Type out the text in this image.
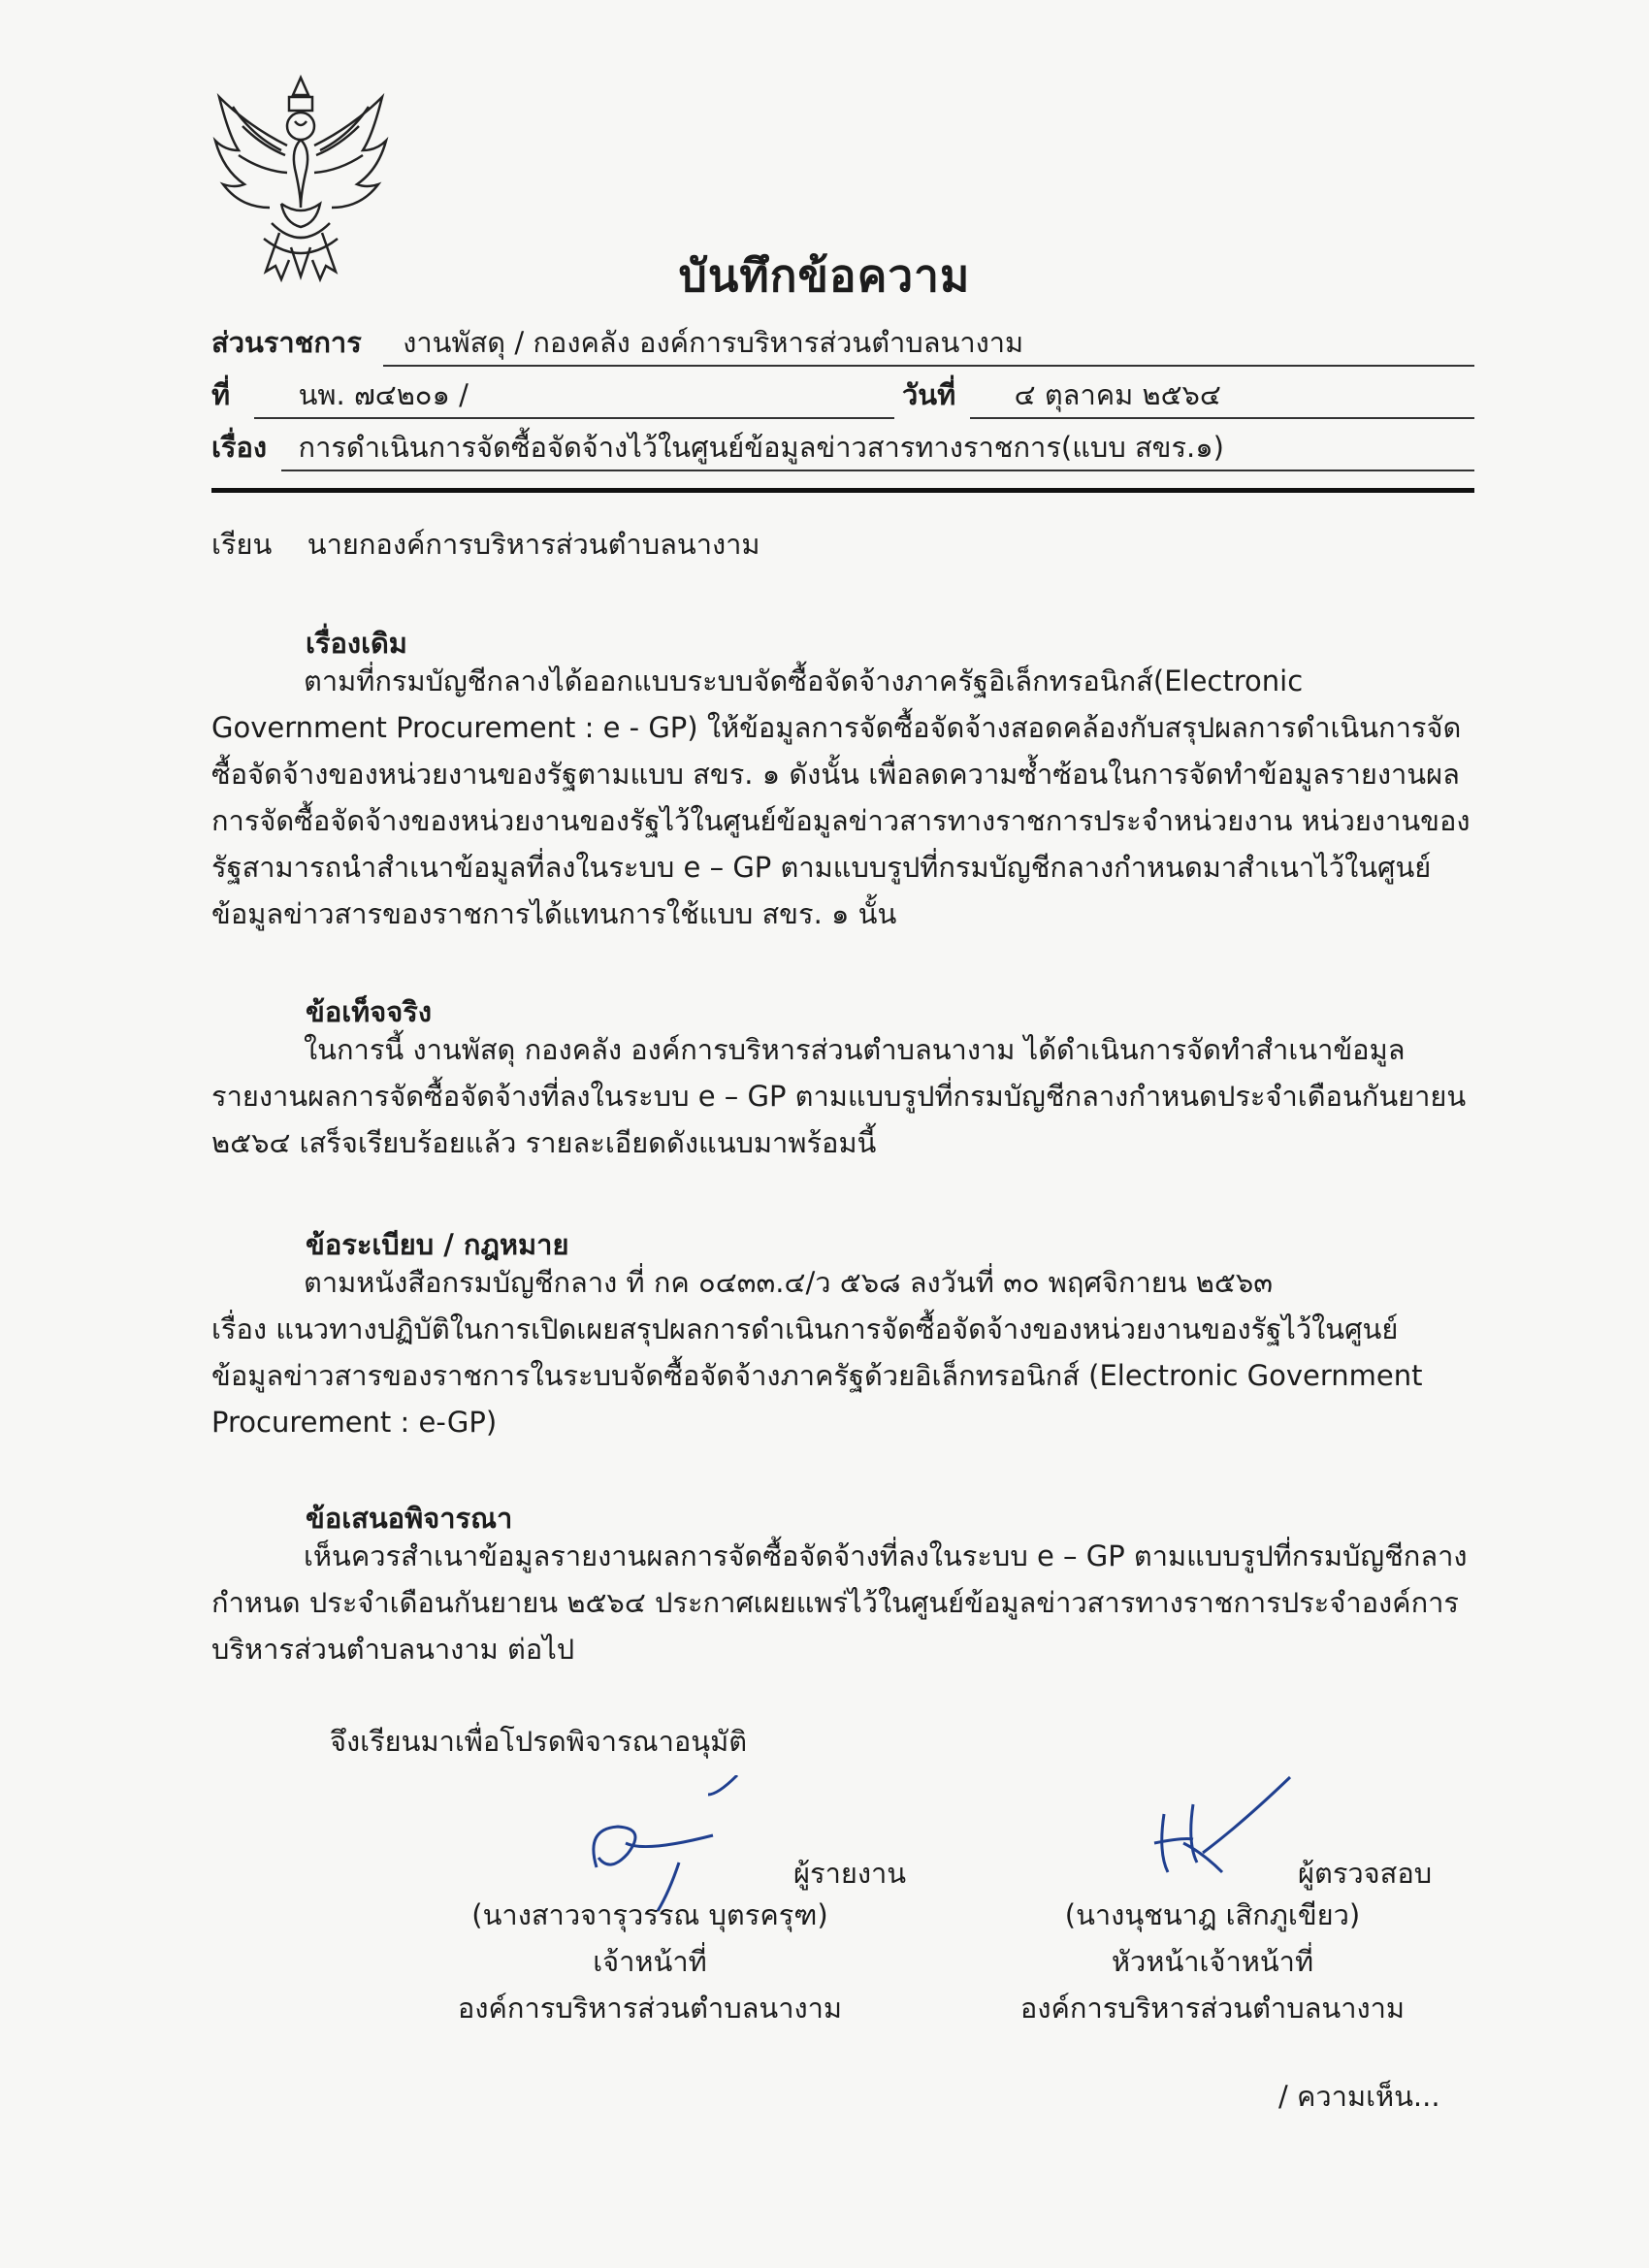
บันทึกข้อความ
ส่วนราชการ งานพัสดุ / กองคลัง องค์การบริหารส่วนตำบลนางาม
ที่ นพ. ๗๔๒๐๑ /	วันที่ ๔ ตุลาคม ๒๕๖๔
เรื่อง การดำเนินการจัดซื้อจัดจ้างไว้ในศูนย์ข้อมูลข่าวสารทางราชการ(แบบ สขร.๑)
เรียน นายกองค์การบริหารส่วนตำบลนางาม
เรื่องเดิม
ตามที่กรมบัญชีกลางได้ออกแบบระบบจัดซื้อจัดจ้างภาครัฐอิเล็กทรอนิกส์(Electronic Government Procurement : e - GP) ให้ข้อมูลการจัดซื้อจัดจ้างสอดคล้องกับสรุปผลการดำเนินการจัดซื้อจัดจ้างของหน่วยงานของรัฐตามแบบ สขร. ๑ ดังนั้น เพื่อลดความซ้ำซ้อนในการจัดทำข้อมูลรายงานผลการจัดซื้อจัดจ้างของหน่วยงานของรัฐไว้ในศูนย์ข้อมูลข่าวสารทางราชการประจำหน่วยงาน หน่วยงานของรัฐสามารถนำสำเนาข้อมูลที่ลงในระบบ e – GP ตามแบบรูปที่กรมบัญชีกลางกำหนดมาสำเนาไว้ในศูนย์ข้อมูลข่าวสารของราชการได้แทนการใช้แบบ สขร. ๑ นั้น
ข้อเท็จจริง
ในการนี้ งานพัสดุ กองคลัง องค์การบริหารส่วนตำบลนางาม ได้ดำเนินการจัดทำสำเนาข้อมูลรายงานผลการจัดซื้อจัดจ้างที่ลงในระบบ e – GP ตามแบบรูปที่กรมบัญชีกลางกำหนดประจำเดือนกันยายน ๒๕๖๔ เสร็จเรียบร้อยแล้ว รายละเอียดดังแนบมาพร้อมนี้
ข้อระเบียบ / กฎหมาย
ตามหนังสือกรมบัญชีกลาง ที่ กค ๐๔๓๓.๔/ว ๕๖๘ ลงวันที่ ๓๐ พฤศจิกายน ๒๕๖๓
เรื่อง แนวทางปฏิบัติในการเปิดเผยสรุปผลการดำเนินการจัดซื้อจัดจ้างของหน่วยงานของรัฐไว้ในศูนย์ข้อมูลข่าวสารของราชการในระบบจัดซื้อจัดจ้างภาครัฐด้วยอิเล็กทรอนิกส์ (Electronic Government Procurement : e-GP)
ข้อเสนอพิจารณา
เห็นควรสำเนาข้อมูลรายงานผลการจัดซื้อจัดจ้างที่ลงในระบบ e – GP ตามแบบรูปที่กรมบัญชีกลางกำหนด ประจำเดือนกันยายน ๒๕๖๔ ประกาศเผยแพร่ไว้ในศูนย์ข้อมูลข่าวสารทางราชการประจำองค์การบริหารส่วนตำบลนางาม ต่อไป
จึงเรียนมาเพื่อโปรดพิจารณาอนุมัติ
ผู้รายงาน
(นางสาวจารุวรรณ บุตรครุฑ)
เจ้าหน้าที่
องค์การบริหารส่วนตำบลนางาม
ผู้ตรวจสอบ
(นางนุชนาฎ เสิกภูเขียว)
หัวหน้าเจ้าหน้าที่
องค์การบริหารส่วนตำบลนางาม
/ ความเห็น...
